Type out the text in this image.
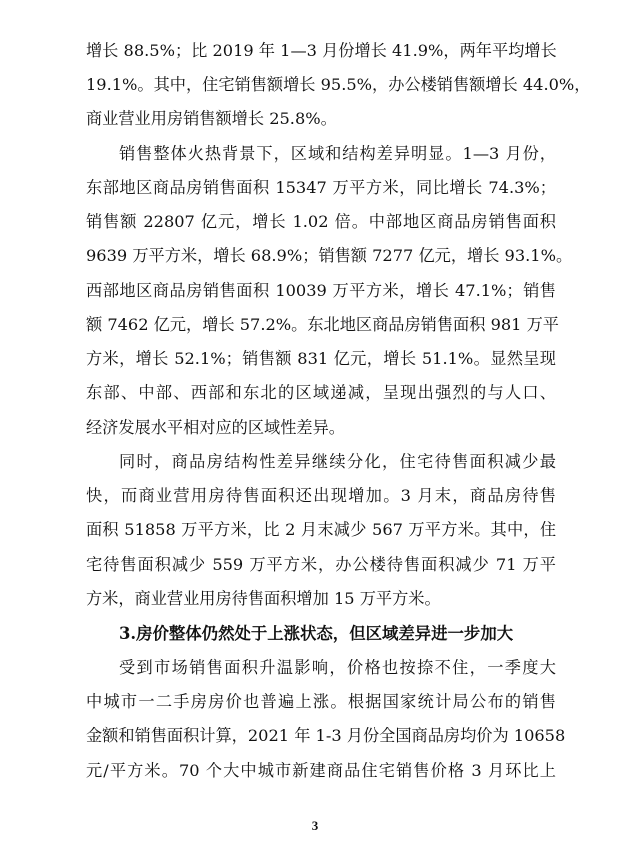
增长 88.5%；比 2019 年 1—3 月份增长 41.9%，两年平均增长
19.1%。其中，住宅销售额增长 95.5%，办公楼销售额增长 44.0%，
商业营业用房销售额增长 25.8%。
销售整体火热背景下，区域和结构差异明显。1—3 月份，
东部地区商品房销售面积 15347 万平方米，同比增长 74.3%；
销售额 22807 亿元，增长 1.02 倍。中部地区商品房销售面积
9639 万平方米，增长 68.9%；销售额 7277 亿元，增长 93.1%。
西部地区商品房销售面积 10039 万平方米，增长 47.1%；销售
额 7462 亿元，增长 57.2%。东北地区商品房销售面积 981 万平
方米，增长 52.1%；销售额 831 亿元，增长 51.1%。显然呈现
东部、中部、西部和东北的区域递减，呈现出强烈的与人口、
经济发展水平相对应的区域性差异。
同时，商品房结构性差异继续分化，住宅待售面积减少最
快，而商业营用房待售面积还出现增加。3 月末，商品房待售
面积 51858 万平方米，比 2 月末减少 567 万平方米。其中，住
宅待售面积减少 559 万平方米，办公楼待售面积减少 71 万平
方米，商业营业用房待售面积增加 15 万平方米。
3.房价整体仍然处于上涨状态，但区域差异进一步加大
受到市场销售面积升温影响，价格也按捺不住，一季度大
中城市一二手房房价也普遍上涨。根据国家统计局公布的销售
金额和销售面积计算，2021 年 1-3 月份全国商品房均价为 10658
元/平方米。70 个大中城市新建商品住宅销售价格 3 月环比上
3
